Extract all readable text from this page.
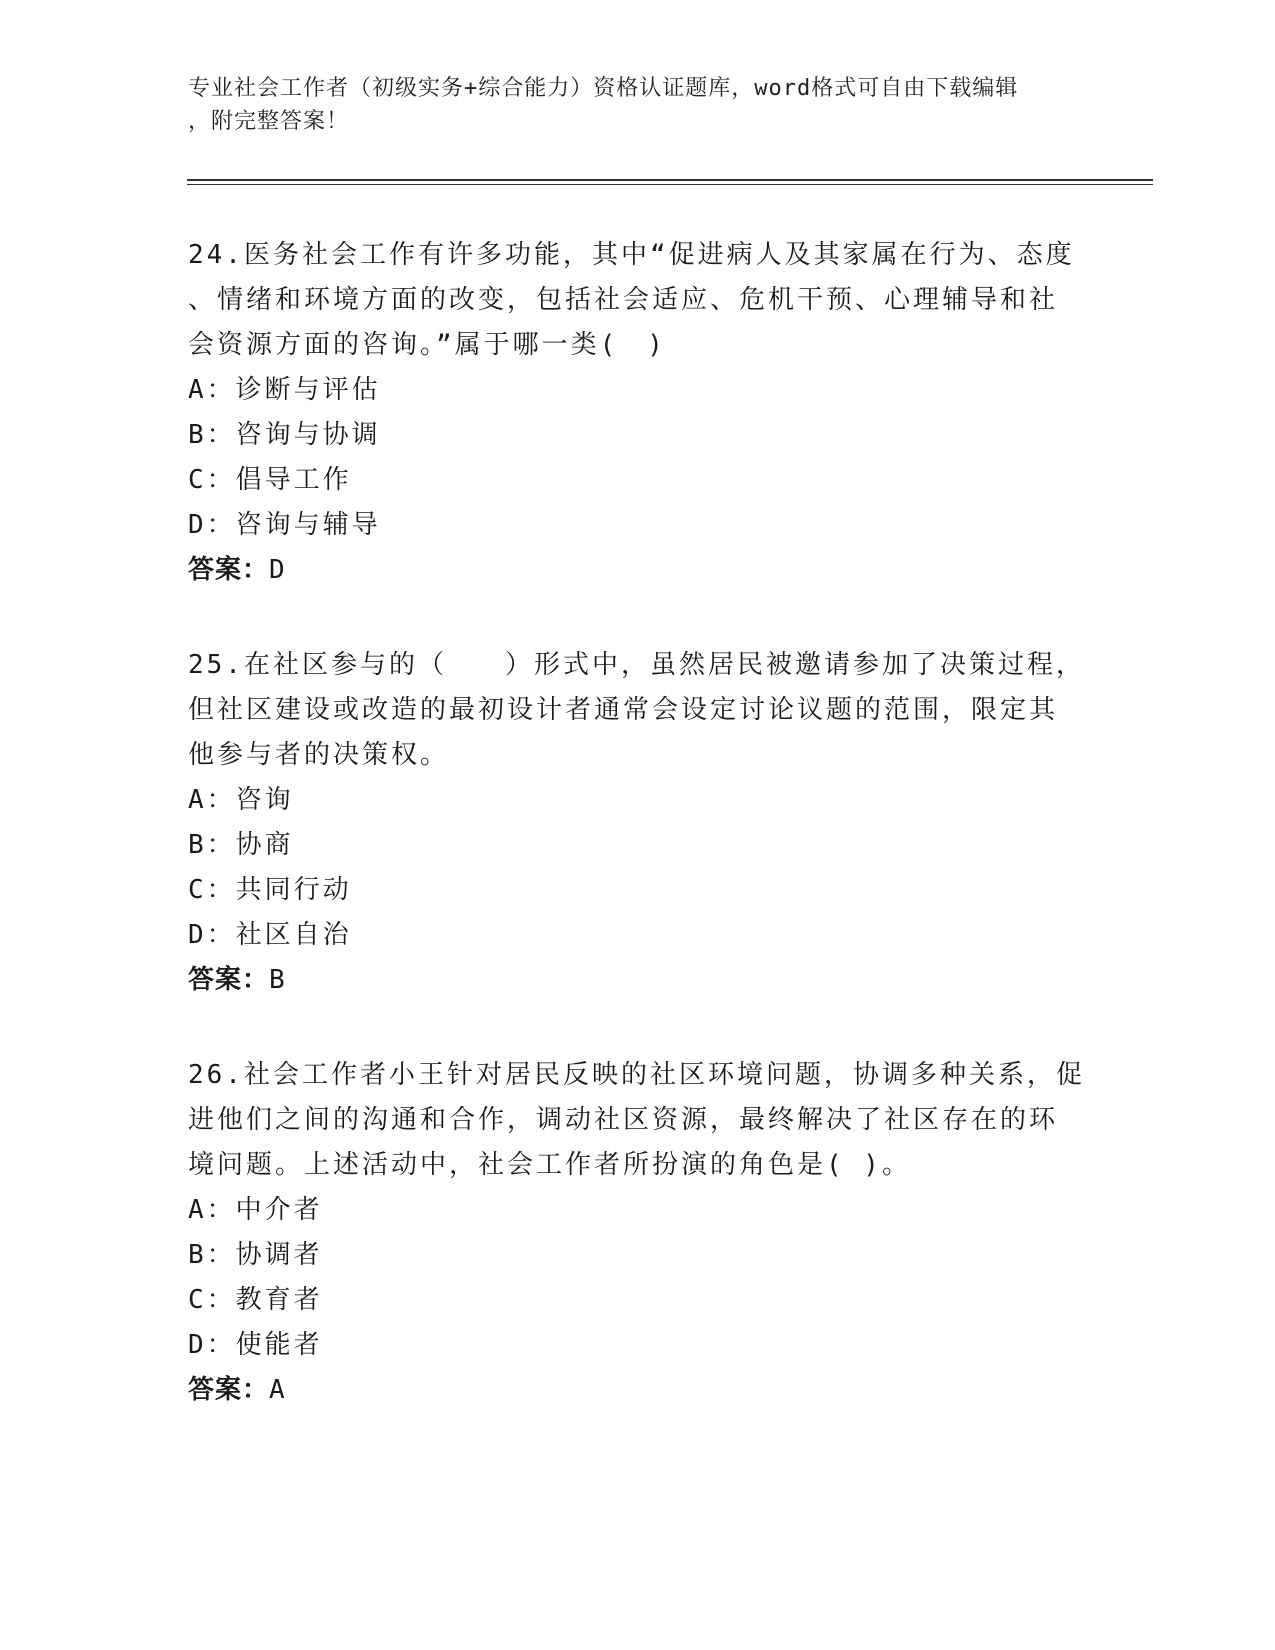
专业社会工作者（初级实务+综合能力）资格认证题库，word格式可自由下载编辑
，附完整答案！
24.医务社会工作有许多功能，其中“促进病人及其家属在行为、态度
、情绪和环境方面的改变，包括社会适应、危机干预、心理辅导和社
会资源方面的咨询。”属于哪一类(　)
A：诊断与评估
B：咨询与协调
C：倡导工作
D：咨询与辅导
答案：D
25.在社区参与的（　　）形式中，虽然居民被邀请参加了决策过程，
但社区建设或改造的最初设计者通常会设定讨论议题的范围，限定其
他参与者的决策权。
A：咨询
B：协商
C：共同行动
D：社区自治
答案：B
26.社会工作者小王针对居民反映的社区环境问题，协调多种关系，促
进他们之间的沟通和合作，调动社区资源，最终解决了社区存在的环
境问题。上述活动中，社会工作者所扮演的角色是( )。
A：中介者
B：协调者
C：教育者
D：使能者
答案：A
